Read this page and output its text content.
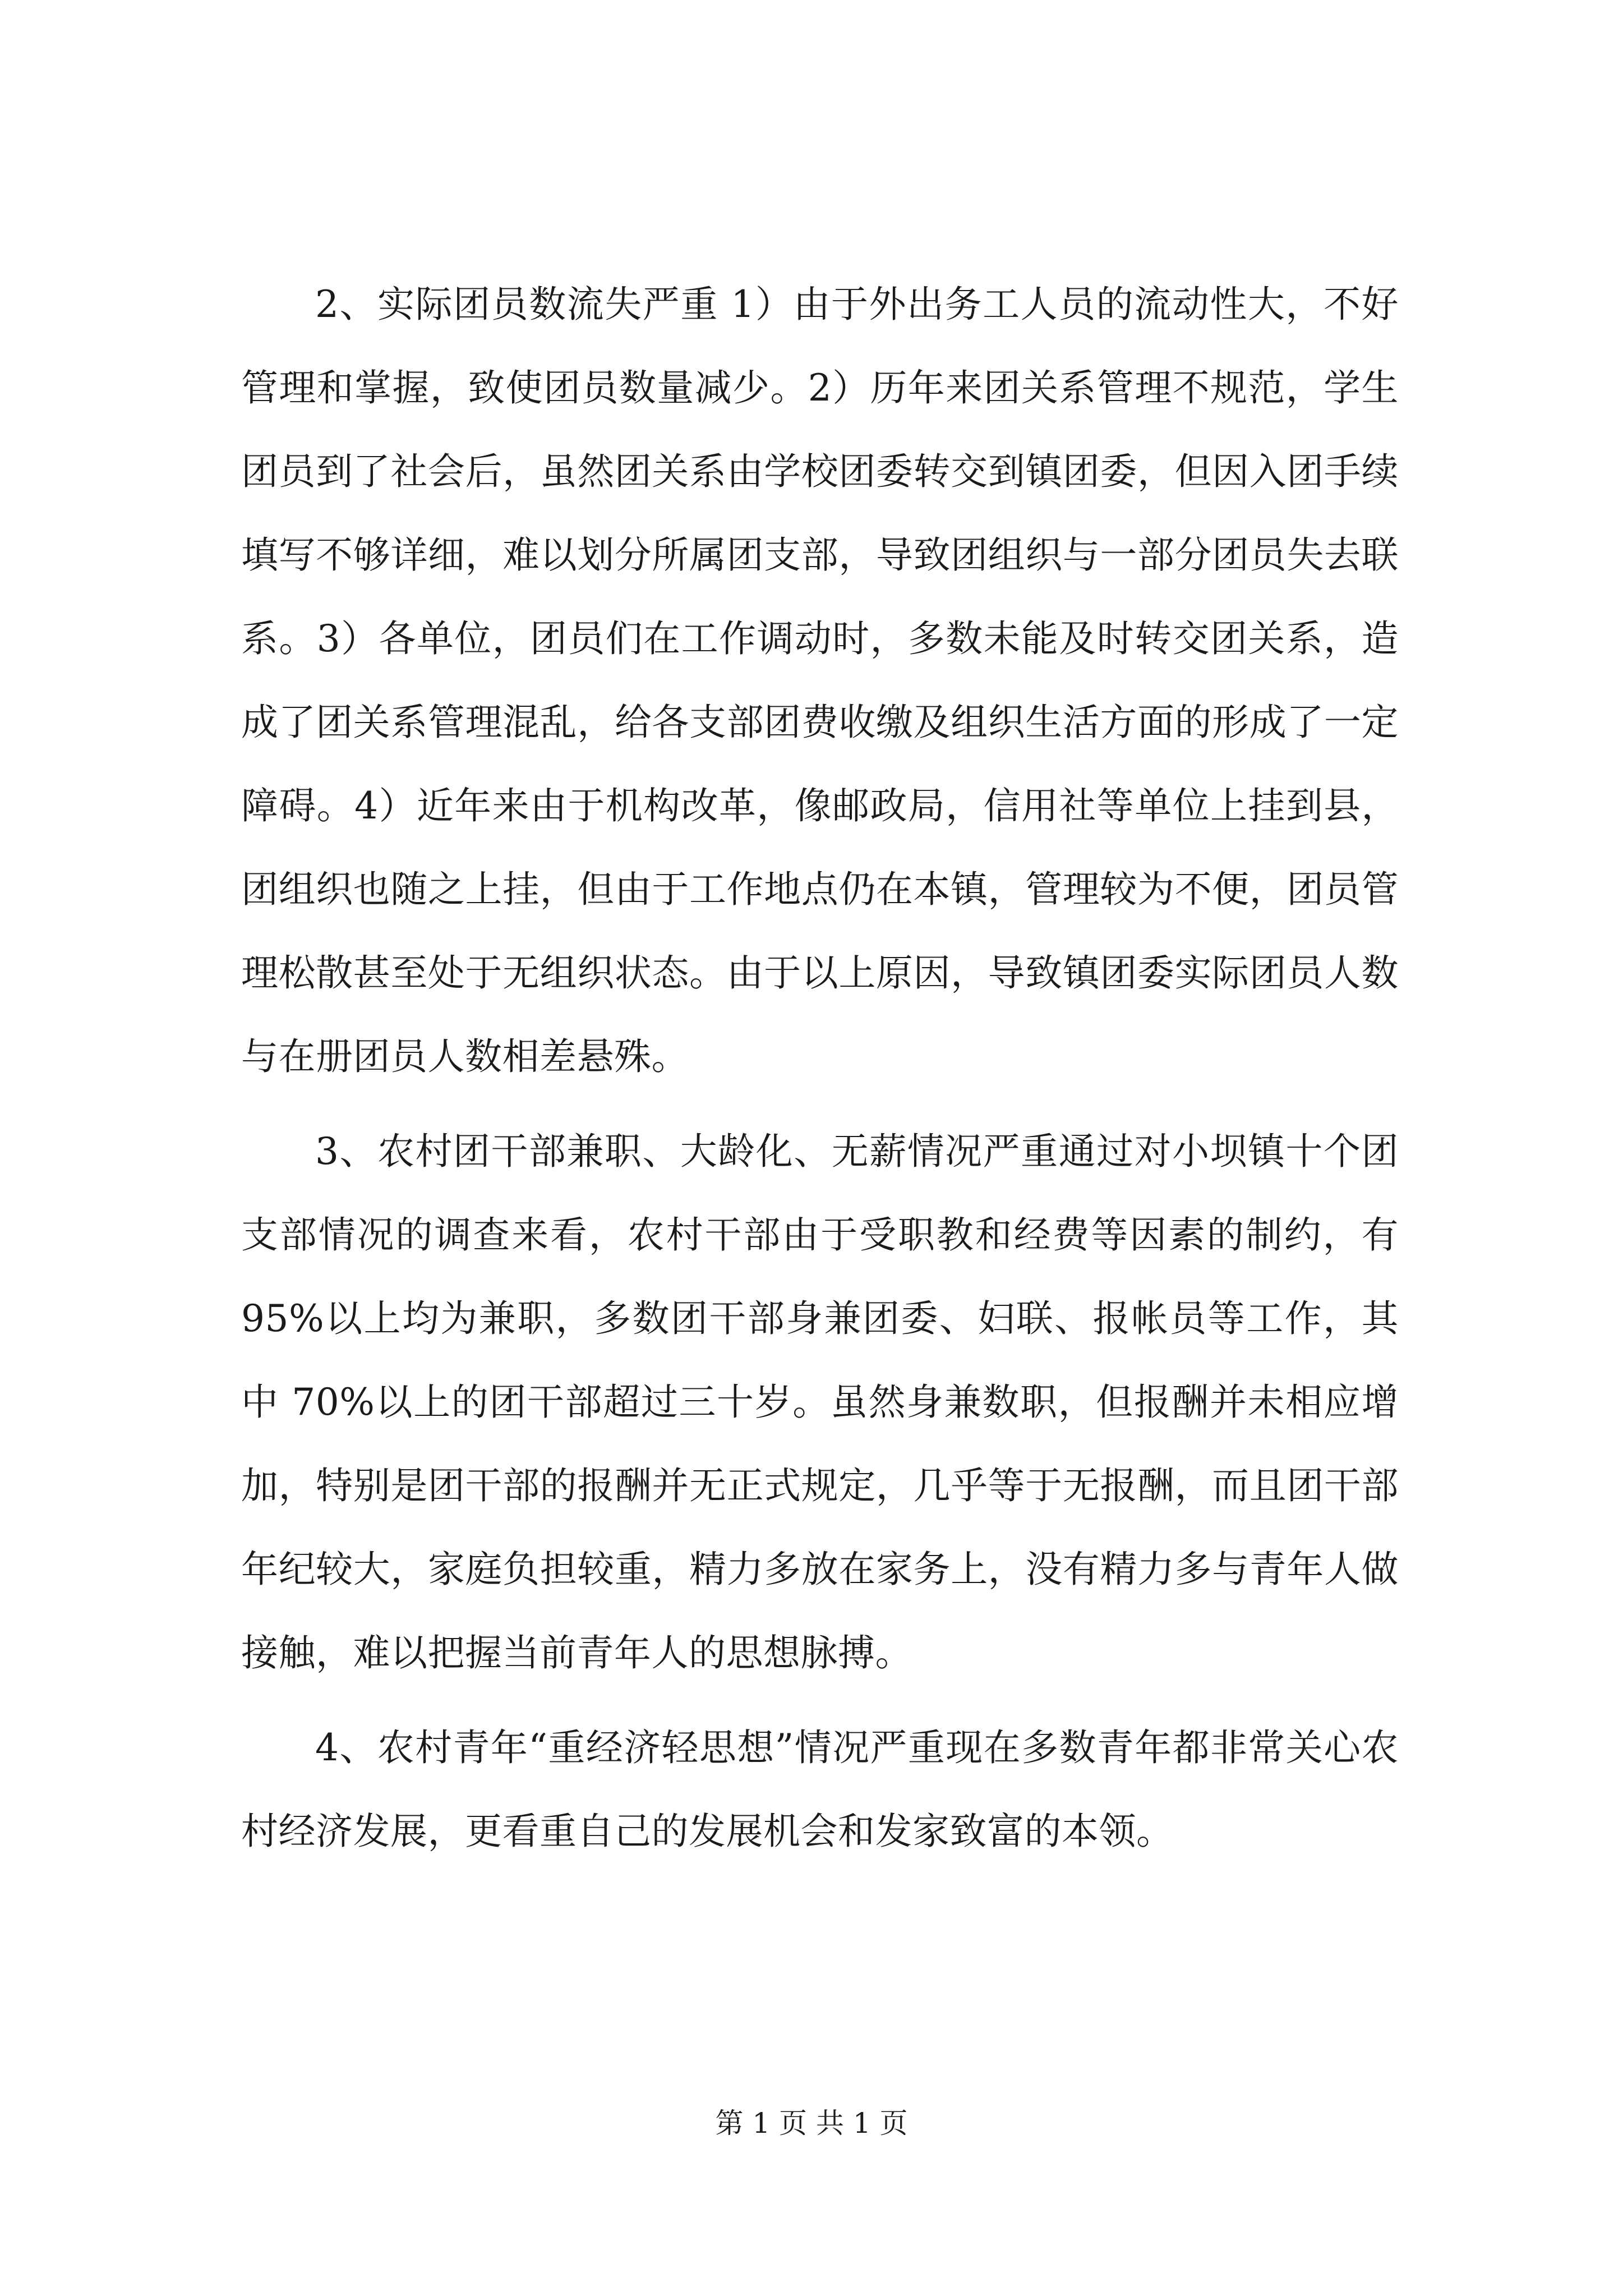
2、实际团员数流失严重 1）由于外出务工人员的流动性大，不好管理和掌握，致使团员数量减少。2）历年来团关系管理不规范，学生团员到了社会后，虽然团关系由学校团委转交到镇团委，但因入团手续填写不够详细，难以划分所属团支部，导致团组织与一部分团员失去联系。3）各单位，团员们在工作调动时，多数未能及时转交团关系，造成了团关系管理混乱，给各支部团费收缴及组织生活方面的形成了一定障碍。4）近年来由于机构改革，像邮政局，信用社等单位上挂到县，团组织也随之上挂，但由于工作地点仍在本镇，管理较为不便，团员管理松散甚至处于无组织状态。由于以上原因，导致镇团委实际团员人数与在册团员人数相差悬殊。

3、农村团干部兼职、大龄化、无薪情况严重通过对小坝镇十个团支部情况的调查来看，农村干部由于受职教和经费等因素的制约，有 95%以上均为兼职，多数团干部身兼团委、妇联、报帐员等工作，其中 70%以上的团干部超过三十岁。虽然身兼数职，但报酬并未相应增加，特别是团干部的报酬并无正式规定，几乎等于无报酬，而且团干部年纪较大，家庭负担较重，精力多放在家务上，没有精力多与青年人做接触，难以把握当前青年人的思想脉搏。

4、农村青年“重经济轻思想”情况严重现在多数青年都非常关心农村经济发展，更看重自己的发展机会和发家致富的本领。

第 1 页 共 1 页
